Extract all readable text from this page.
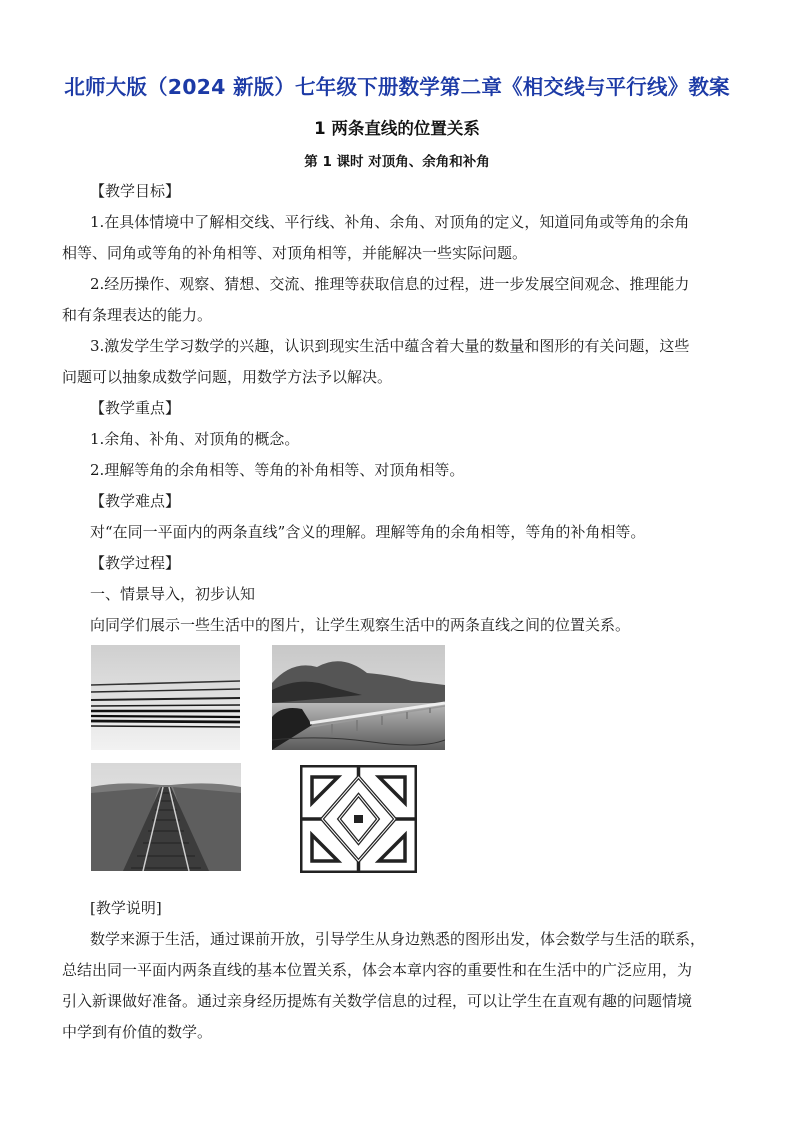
北师大版（2024 新版）七年级下册数学第二章《相交线与平行线》教案
1 两条直线的位置关系
第 1 课时 对顶角、余角和补角
【教学目标】
1.在具体情境中了解相交线、平行线、补角、余角、对顶角的定义，知道同角或等角的余角
相等、同角或等角的补角相等、对顶角相等，并能解决一些实际问题。
2.经历操作、观察、猜想、交流、推理等获取信息的过程，进一步发展空间观念、推理能力
和有条理表达的能力。
3.激发学生学习数学的兴趣，认识到现实生活中蕴含着大量的数量和图形的有关问题，这些
问题可以抽象成数学问题，用数学方法予以解决。
【教学重点】
1.余角、补角、对顶角的概念。
2.理解等角的余角相等、等角的补角相等、对顶角相等。
【教学难点】
对“在同一平面内的两条直线”含义的理解。理解等角的余角相等，等角的补角相等。
【教学过程】
一、情景导入，初步认知
向同学们展示一些生活中的图片，让学生观察生活中的两条直线之间的位置关系。
[教学说明]
数学来源于生活，通过课前开放，引导学生从身边熟悉的图形出发，体会数学与生活的联系，
总结出同一平面内两条直线的基本位置关系，体会本章内容的重要性和在生活中的广泛应用，为
引入新课做好准备。通过亲身经历提炼有关数学信息的过程，可以让学生在直观有趣的问题情境
中学到有价值的数学。
